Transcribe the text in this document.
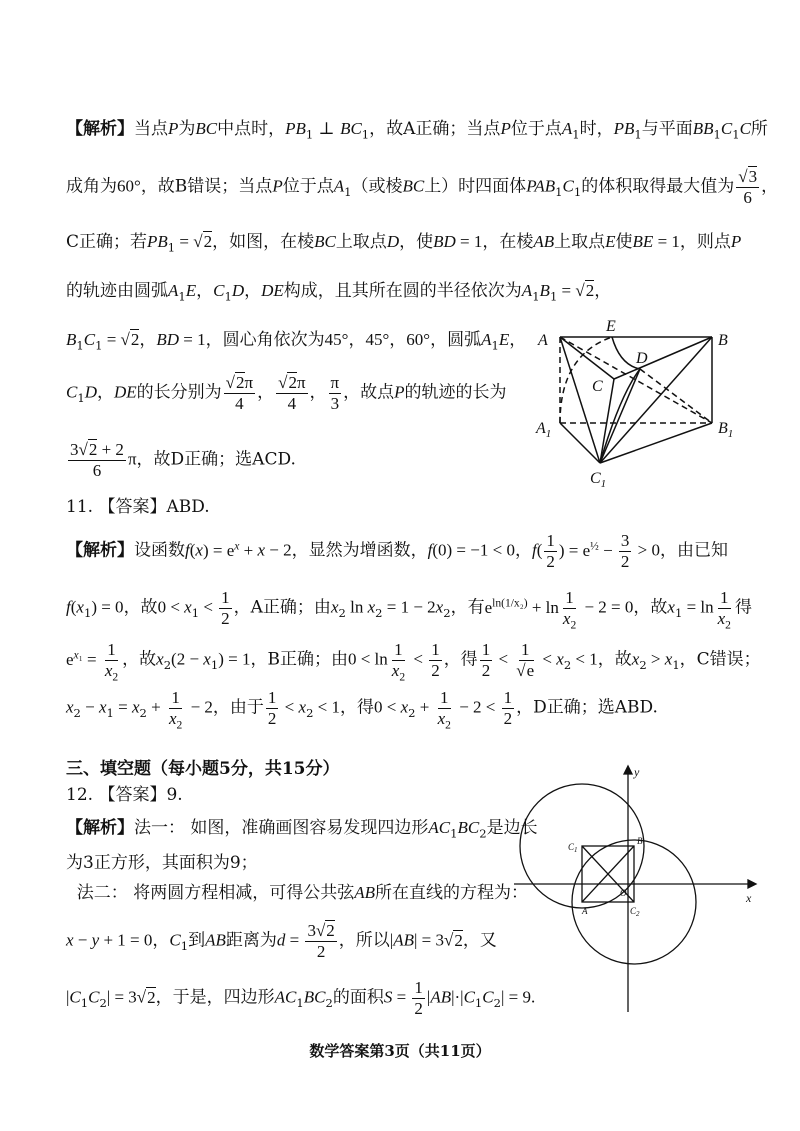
【解析】当点P为BC中点时，$PB_1$ ⊥ $BC_1$，故A正确；当点P位于点$A_1$时，$PB_1$与平面$BB_1C_1C$所
成角为60°，故B错误；当点P位于点$A_1$（或棱BC上）时四面体$PAB_1C_1$的体积取得最大值为 $\frac{√3}{6}$ ，
C正确；若$PB_1 = √2$，如图，在棱BC上取点D，使BD = 1，在棱AB上取点E使BE = 1，则点P
的轨迹由圆弧$A_1E$，$C_1D$，DE构成，且其所在圆的半径依次为$A_1B_1 = √2$，
$B_1C_1 = √2$，BD = 1，圆心角依次为45°，45°，60°，圆弧$A_1E$，
$C_1D$，DE的长分别为 $\frac{√2\pi}{4}$ ， $\frac{√2\pi}{4}$ ， $\frac{\pi}{3}$ ，故点P的轨迹的长为
$\frac{3√2 + 2}{6}$ π，故D正确；选ACD.
A
E
B
D
C
$A_1$	$B_1$
$C_1$
11. 【答案】ABD.
【解析】设函数$f(x) = e^x + x - 2$，显然为增函数，f(0) = −1 < 0，$f( \frac{1}{2}$ ) = $e^{\frac{1}{2}} - \frac{3}{2} > 0$，由已知
$f(x_1) = 0$，故$0 < x_1 < \frac{1}{2}$ ，A正确；由$x_2$ $\ln x_2 = 1 - 2x_2$，有$e^{ln(1/x_2)} + \ln \frac{1}{x_2} - 2 = 0$，故$x_1 = \ln \frac{1}{x_2}$ 得
$e^{x_1} = \frac{1}{x_2}$ ，故$x_2(2 - x_1) = 1$，B正确；由$0 < \ln \frac{1}{x_2} < \frac{1}{2}$ ，得 $\frac{1}{2} < \frac{1}{√e} < x_2 < 1$，故$x_2 > x_1$，C错误；
$x_2 - x_1 = x_2 + \frac{1}{x_2} - 2$，由于 $\frac{1}{2} < x_2 < 1$，得$0 < x_2 + \frac{1}{x_2} - 2 < \frac{1}{2}$ ，D正确；选ABD.
三、填空题（每小题5分，共15分）
12. 【答案】9.
【解析】法一： 如图，准确画图容易发现四边形$AC_1BC_2$是边长
为3正方形，其面积为9；
法二： 将两圆方程相减，可得公共弦AB所在直线的方程为：
x − y + 1 = 0，$C_1$到AB距离为$d = \frac{3√2}{2}$ ，所以|AB| = 3√2，又
$|C_1C_2| = 3√2$，于是，四边形$AC_1BC_2$的面积$S = \frac{1}{2} |AB|\cdot|C_1C_2| = 9$.
y
x
B
$C_1$
A
O
$C_2$
数学答案第3页（共11页）
